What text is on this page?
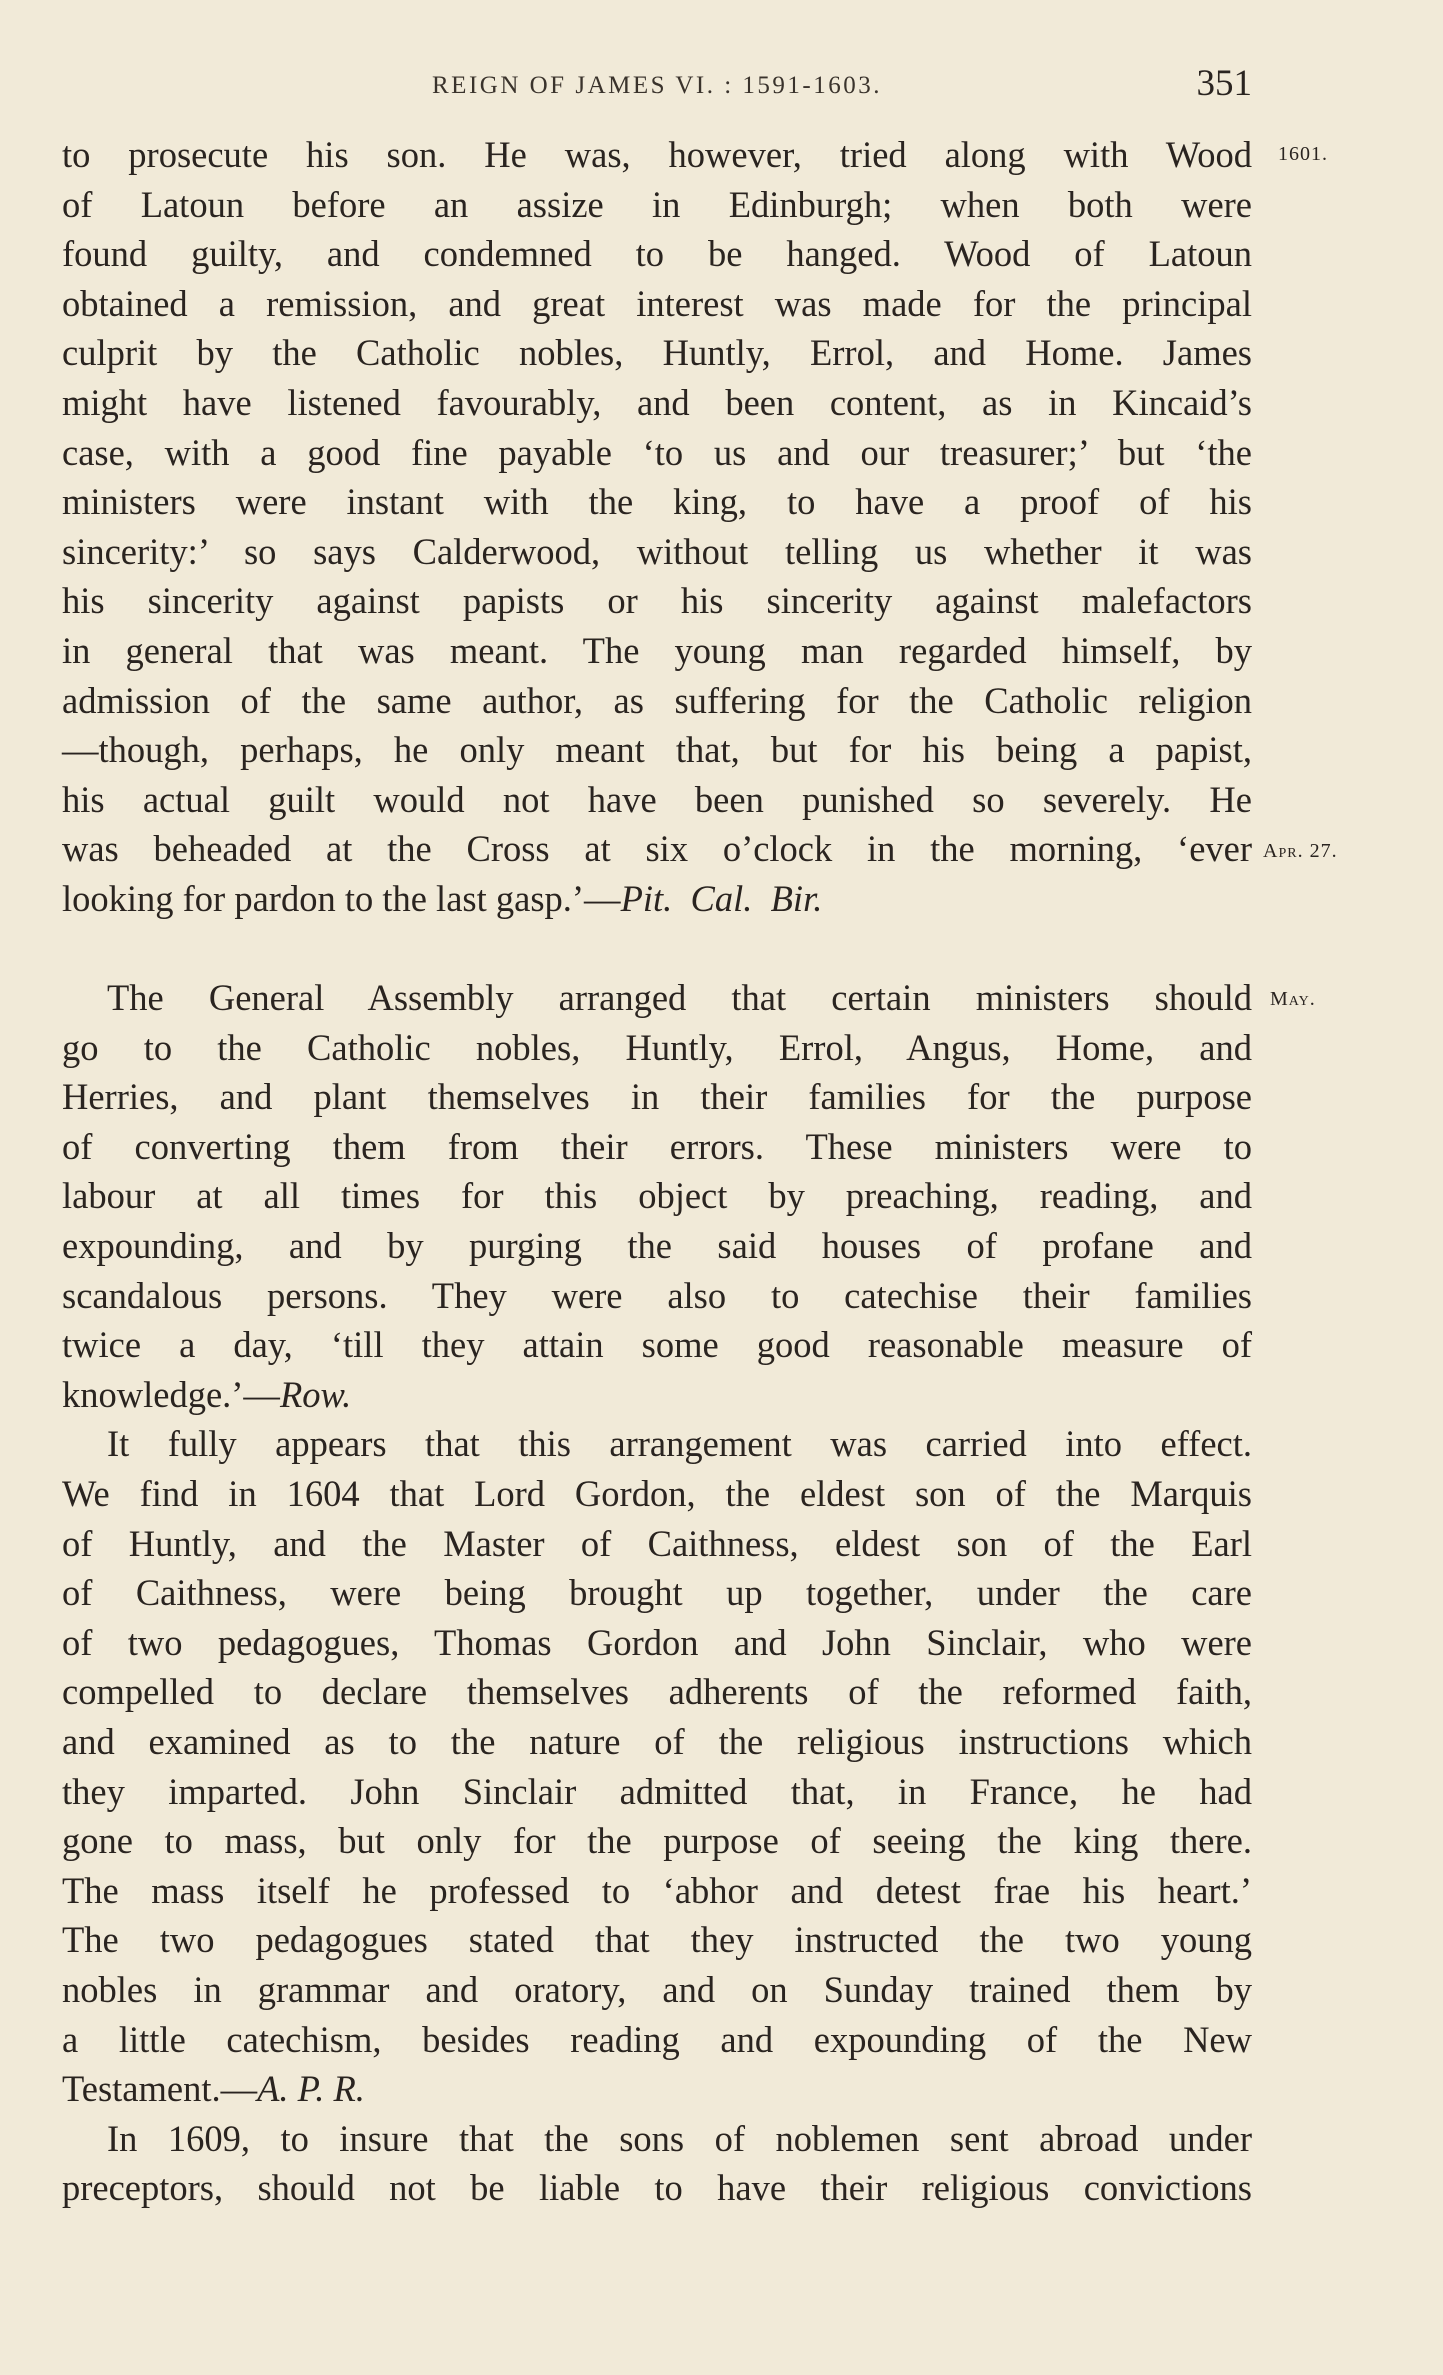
REIGN OF JAMES VI. : 1591-1603.	351
1601.
Apr. 27.
May.

to prosecute his son. He was, however, tried along with Wood
of Latoun before an assize in Edinburgh; when both were
found guilty, and condemned to be hanged. Wood of Latoun
obtained a remission, and great interest was made for the principal
culprit by the Catholic nobles, Huntly, Errol, and Home. James
might have listened favourably, and been content, as in Kincaid’s
case, with a good fine payable ‘to us and our treasurer;’ but ‘the
ministers were instant with the king, to have a proof of his
sincerity:’ so says Calderwood, without telling us whether it was
his sincerity against papists or his sincerity against malefactors
in general that was meant. The young man regarded himself, by
admission of the same author, as suffering for the Catholic religion
—though, perhaps, he only meant that, but for his being a papist,
his actual guilt would not have been punished so severely. He
was beheaded at the Cross at six o’clock in the morning, ‘ever
looking for pardon to the last gasp.’—Pit.  Cal.  Bir.

The General Assembly arranged that certain ministers should
go to the Catholic nobles, Huntly, Errol, Angus, Home, and
Herries, and plant themselves in their families for the purpose
of converting them from their errors. These ministers were to
labour at all times for this object by preaching, reading, and
expounding, and by purging the said houses of profane and
scandalous persons. They were also to catechise their families
twice a day, ‘till they attain some good reasonable measure of
knowledge.’—Row.

It fully appears that this arrangement was carried into effect.
We find in 1604 that Lord Gordon, the eldest son of the Marquis
of Huntly, and the Master of Caithness, eldest son of the Earl
of Caithness, were being brought up together, under the care
of two pedagogues, Thomas Gordon and John Sinclair, who were
compelled to declare themselves adherents of the reformed faith,
and examined as to the nature of the religious instructions which
they imparted. John Sinclair admitted that, in France, he had
gone to mass, but only for the purpose of seeing the king there.
The mass itself he professed to ‘abhor and detest frae his heart.’
The two pedagogues stated that they instructed the two young
nobles in grammar and oratory, and on Sunday trained them by
a little catechism, besides reading and expounding of the New
Testament.—A. P. R.

In 1609, to insure that the sons of noblemen sent abroad under
preceptors, should not be liable to have their religious convictions
